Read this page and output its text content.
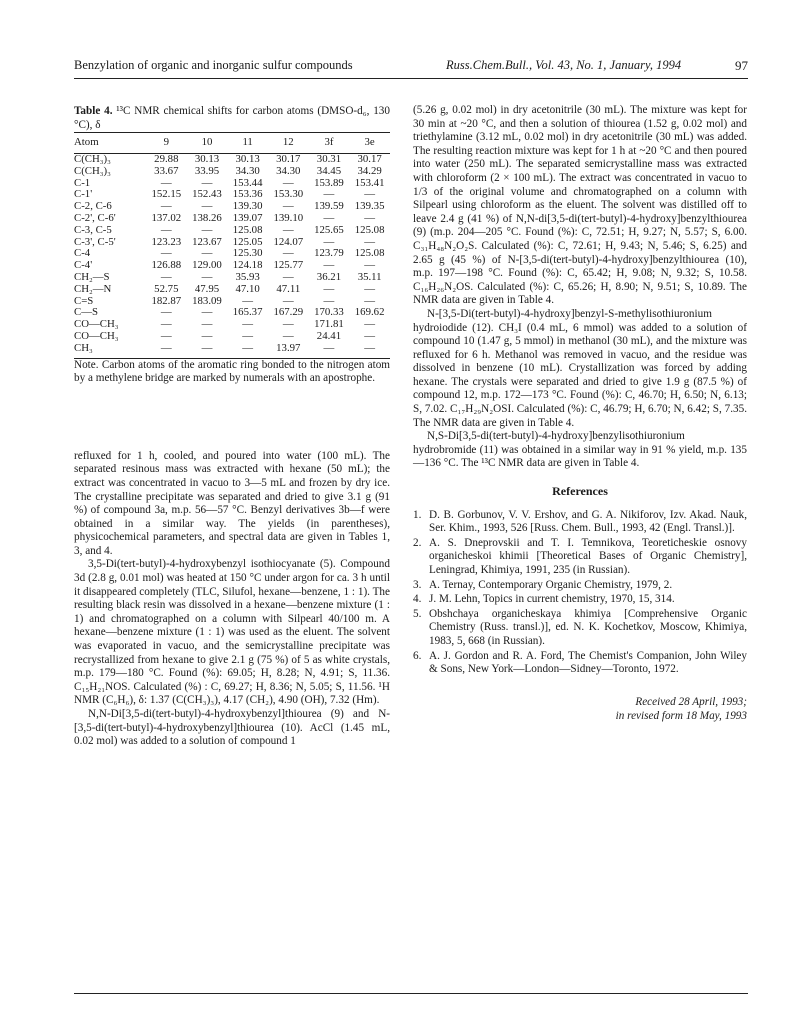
Benzylation of organic and inorganic sulfur compounds	Russ.Chem.Bull., Vol. 43, No. 1, January, 1994	97

Table 4. ¹³C NMR chemical shifts for carbon atoms (DMSO-d₆, 130 °C), δ

Atom	9	10	11	12	3f	3e
C(CH₃)₃	29.88	30.13	30.13	30.17	30.31	30.17
C(CH₃)₃	33.67	33.95	34.30	34.30	34.45	34.29
C-1	—	—	153.44	—	153.89	153.41
C-1'	152.15	152.43	153.36	153.30	—	—
C-2, C-6	—	—	139.30	—	139.59	139.35
C-2', C-6'	137.02	138.26	139.07	139.10	—	—
C-3, C-5	—	—	125.08	—	125.65	125.08
C-3', C-5'	123.23	123.67	125.05	124.07	—	—
C-4	—	—	125.30	—	123.79	125.08
C-4'	126.88	129.00	124.18	125.77	—	—
CH₂—S	—	—	35.93	—	36.21	35.11
CH₂—N	52.75	47.95	47.10	47.11	—	—
C=S	182.87	183.09	—	—	—	—
C—S	—	—	165.37	167.29	170.33	169.62
CO—CH₃	—	—	—	—	171.81	—
CO—CH₃	—	—	—	—	24.41	—
CH₃	—	—	—	13.97	—	—

Note. Carbon atoms of the aromatic ring bonded to the nitrogen atom by a methylene bridge are marked by numerals with an apostrophe.

refluxed for 1 h, cooled, and poured into water (100 mL). The separated resinous mass was extracted with hexane (50 mL); the extract was concentrated in vacuo to 3—5 mL and frozen by dry ice. The crystalline precipitate was separated and dried to give 3.1 g (91 %) of compound 3a, m.p. 56—57 °C. Benzyl derivatives 3b—f were obtained in a similar way. The yields (in parentheses), physicochemical parameters, and spectral data are given in Tables 1, 3, and 4.

3,5-Di(tert-butyl)-4-hydroxybenzyl isothiocyanate (5). Compound 3d (2.8 g, 0.01 mol) was heated at 150 °C under argon for ca. 3 h until it disappeared completely (TLC, Silufol, hexane—benzene, 1 : 1). The resulting black resin was dissolved in a hexane—benzene mixture (1 : 1) and chromatographed on a column with Silpearl 40/100 m. A hexane—benzene mixture (1 : 1) was used as the eluent. The solvent was evaporated in vacuo, and the semicrystalline precipitate was recrystallized from hexane to give 2.1 g (75 %) of 5 as white crystals, m.p. 179—180 °C. Found (%): 69.05; H, 8.28; N, 4.91; S, 11.36. C₁₅H₂₁NOS. Calculated (%) : C, 69.27; H, 8.36; N, 5.05; S, 11.56. ¹H NMR (C₆H₆), δ: 1.37 (C(CH₃)₃), 4.17 (CH₂), 4.90 (OH), 7.32 (Hm).

N,N-Di[3,5-di(tert-butyl)-4-hydroxybenzyl]thiourea (9) and N-[3,5-di(tert-butyl)-4-hydroxybenzyl]thiourea (10). AcCl (1.45 mL, 0.02 mol) was added to a solution of compound 1

(5.26 g, 0.02 mol) in dry acetonitrile (30 mL). The mixture was kept for 30 min at ~20 °C, and then a solution of thiourea (1.52 g, 0.02 mol) and triethylamine (3.12 mL, 0.02 mol) in dry acetonitrile (30 mL) was added. The resulting reaction mixture was kept for 1 h at ~20 °C and then poured into water (250 mL). The separated semicrystalline mass was extracted with chloroform (2 × 100 mL). The extract was concentrated in vacuo to 1/3 of the original volume and chromatographed on a column with Silpearl using chloroform as the eluent. The solvent was distilled off to leave 2.4 g (41 %) of N,N-di[3,5-di(tert-butyl)-4-hydroxy]benzylthiourea (9) (m.p. 204—205 °C. Found (%): C, 72.51; H, 9.27; N, 5.57; S, 6.00. C₃₁H₄₈N₂O₂S. Calculated (%): C, 72.61; H, 9.43; N, 5.46; S, 6.25) and 2.65 g (45 %) of N-[3,5-di(tert-butyl)-4-hydroxy]benzylthiourea (10), m.p. 197—198 °C. Found (%): C, 65.42; H, 9.08; N, 9.32; S, 10.58. C₁₆H₂₆N₂OS. Calculated (%): C, 65.26; H, 8.90; N, 9.51; S, 10.89. The NMR data are given in Table 4.

N-[3,5-Di(tert-butyl)-4-hydroxy]benzyl-S-methylisothiuronium hydroiodide (12). CH₃I (0.4 mL, 6 mmol) was added to a solution of compound 10 (1.47 g, 5 mmol) in methanol (30 mL), and the mixture was refluxed for 6 h. Methanol was removed in vacuo, and the residue was dissolved in benzene (10 mL). Crystallization was forced by adding hexane. The crystals were separated and dried to give 1.9 g (87.5 %) of compound 12, m.p. 172—173 °C. Found (%): C, 46.70; H, 6.50; N, 6.13; S, 7.02. C₁₇H₂₉N₂OSI. Calculated (%): C, 46.79; H, 6.70; N, 6.42; S, 7.35. The NMR data are given in Table 4.

N,S-Di[3,5-di(tert-butyl)-4-hydroxy]benzylisothiuronium hydrobromide (11) was obtained in a similar way in 91 % yield, m.p. 135—136 °C. The ¹³C NMR data are given in Table 4.

References
1. D. B. Gorbunov, V. V. Ershov, and G. A. Nikiforov, Izv. Akad. Nauk, Ser. Khim., 1993, 526 [Russ. Chem. Bull., 1993, 42 (Engl. Transl.)].
2. A. S. Dneprovskii and T. I. Temnikova, Teoreticheskie osnovy organicheskoi khimii [Theoretical Bases of Organic Chemistry], Leningrad, Khimiya, 1991, 235 (in Russian).
3. A. Ternay, Contemporary Organic Chemistry, 1979, 2.
4. J. M. Lehn, Topics in current chemistry, 1970, 15, 314.
5. Obshchaya organicheskaya khimiya [Comprehensive Organic Chemistry (Russ. transl.)], ed. N. K. Kochetkov, Moscow, Khimiya, 1983, 5, 668 (in Russian).
6. A. J. Gordon and R. A. Ford, The Chemist's Companion, John Wiley & Sons, New York—London—Sidney—Toronto, 1972.
Received 28 April, 1993;
in revised form 18 May, 1993
